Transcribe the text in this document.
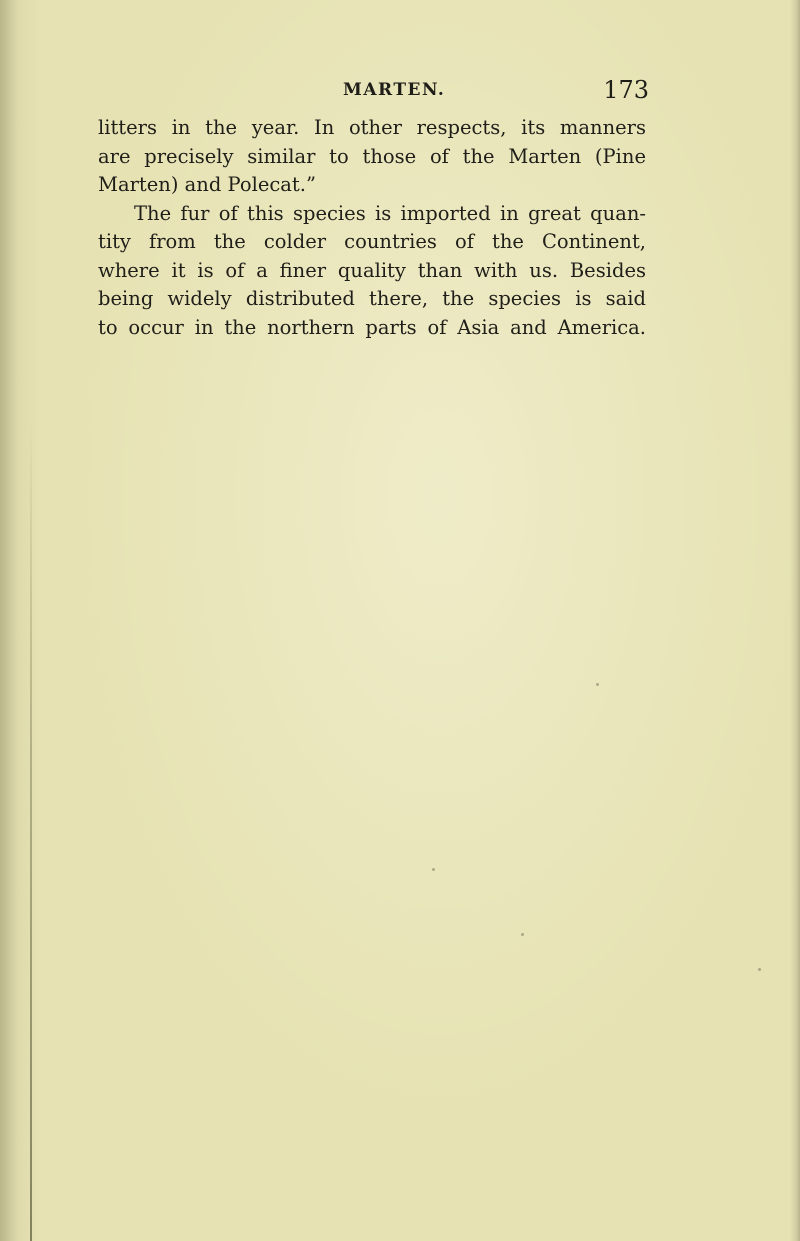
MARTEN.	173
litters in the year. In other respects, its manners
are precisely similar to those of the Marten (Pine
Marten) and Polecat.”
The fur of this species is imported in great quan-
tity from the colder countries of the Continent,
where it is of a finer quality than with us. Besides
being widely distributed there, the species is said
to occur in the northern parts of Asia and America.
